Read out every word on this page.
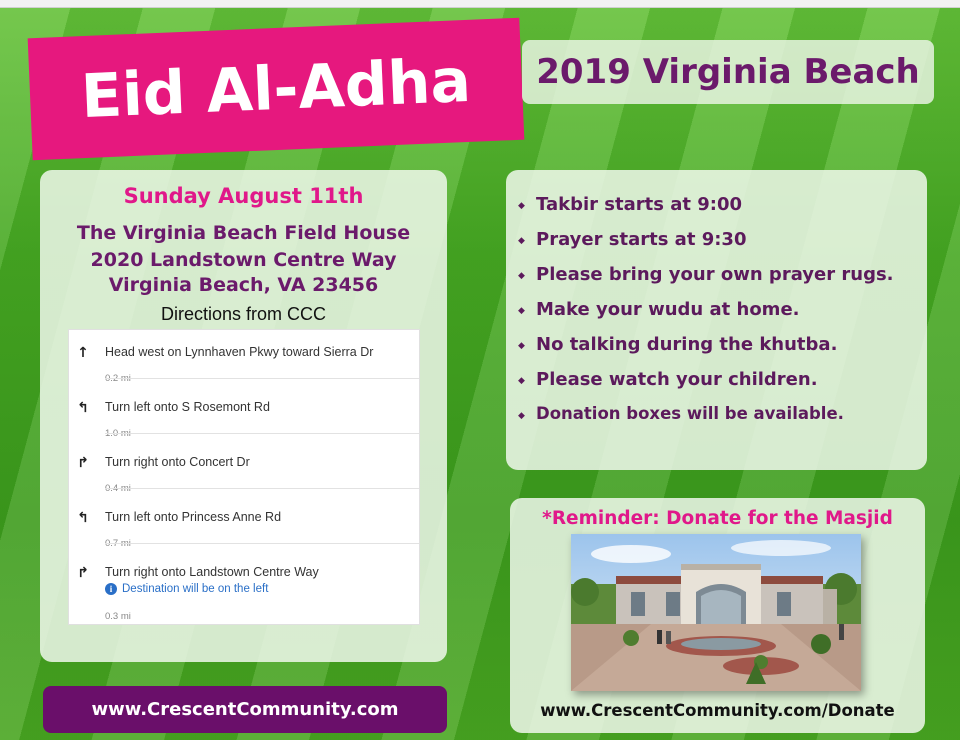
Eid Al-Adha 2019 Virginia Beach
Sunday August 11th
The Virginia Beach Field House
2020 Landstown Centre Way
Virginia Beach, VA 23456
Directions from CCC
↑ Head west on Lynnhaven Pkwy toward Sierra Dr
↰ Turn left onto S Rosemont Rd
↱ Turn right onto Concert Dr
↰ Turn left onto Princess Anne Rd
↱ Turn right onto Landstown Centre Way
i Destination will be on the left
0.3 mi
www.CrescentCommunity.com
◆ Takbir starts at 9:00
◆ Prayer starts at 9:30
◆ Please bring your own prayer rugs.
◆ Make your wudu at home.
◆ No talking during the khutba.
◆ Please watch your children.
◆ Donation boxes will be available.
*Reminder: Donate for the Masjid
www.CrescentCommunity.com/Donate
